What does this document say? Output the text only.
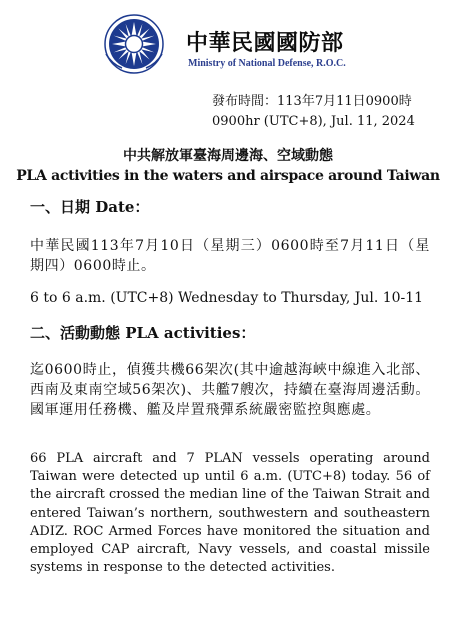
中華民國國防部
Ministry of National Defense, R.O.C.
發布時間：113年7月11日0900時
0900hr (UTC+8), Jul. 11, 2024
中共解放軍臺海周邊海、空域動態
PLA activities in the waters and airspace around Taiwan
一、日期 Date：
中華民國113年7月10日（星期三）0600時至7月11日（星期四）0600時止。
6 to 6 a.m. (UTC+8) Wednesday to Thursday, Jul. 10-11
二、活動動態 PLA activities：
迄0600時止，偵獲共機66架次(其中逾越海峽中線進入北部、西南及東南空域56架次)、共艦7艘次，持續在臺海周邊活動。國軍運用任務機、艦及岸置飛彈系統嚴密監控與應處。
66 PLA aircraft and 7 PLAN vessels operating around Taiwan were detected up until 6 a.m. (UTC+8) today. 56 of the aircraft crossed the median line of the Taiwan Strait and entered Taiwan’s northern, southwestern and southeastern ADIZ. ROC Armed Forces have monitored the situation and employed CAP aircraft, Navy vessels, and coastal missile systems in response to the detected activities.
